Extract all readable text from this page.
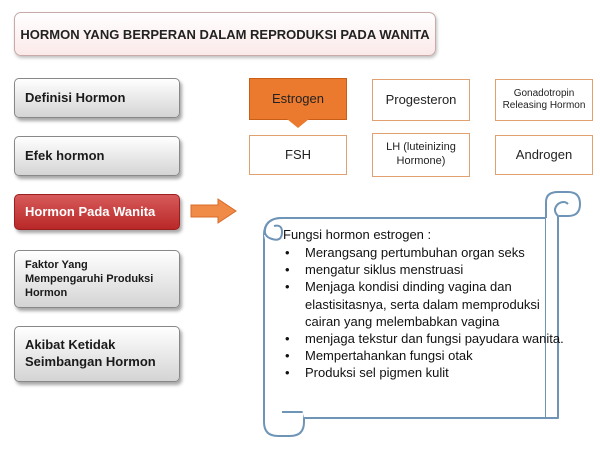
HORMON YANG BERPERAN DALAM REPRODUKSI PADA WANITA
Definisi Hormon
Efek hormon
Hormon Pada Wanita
Faktor Yang Mempengaruhi Produksi Hormon
Akibat Ketidak Seimbangan Hormon
Estrogen	Progesteron	Gonadotropin Releasing Hormon
FSH	LH (luteinizing Hormone)	Androgen
Fungsi hormon estrogen :
• Merangsang pertumbuhan organ seks
• mengatur siklus menstruasi
• Menjaga kondisi dinding vagina dan elastisitasnya, serta dalam memproduksi cairan yang melembabkan vagina
• menjaga tekstur dan fungsi payudara wanita.
• Mempertahankan fungsi otak
• Produksi sel pigmen kulit
